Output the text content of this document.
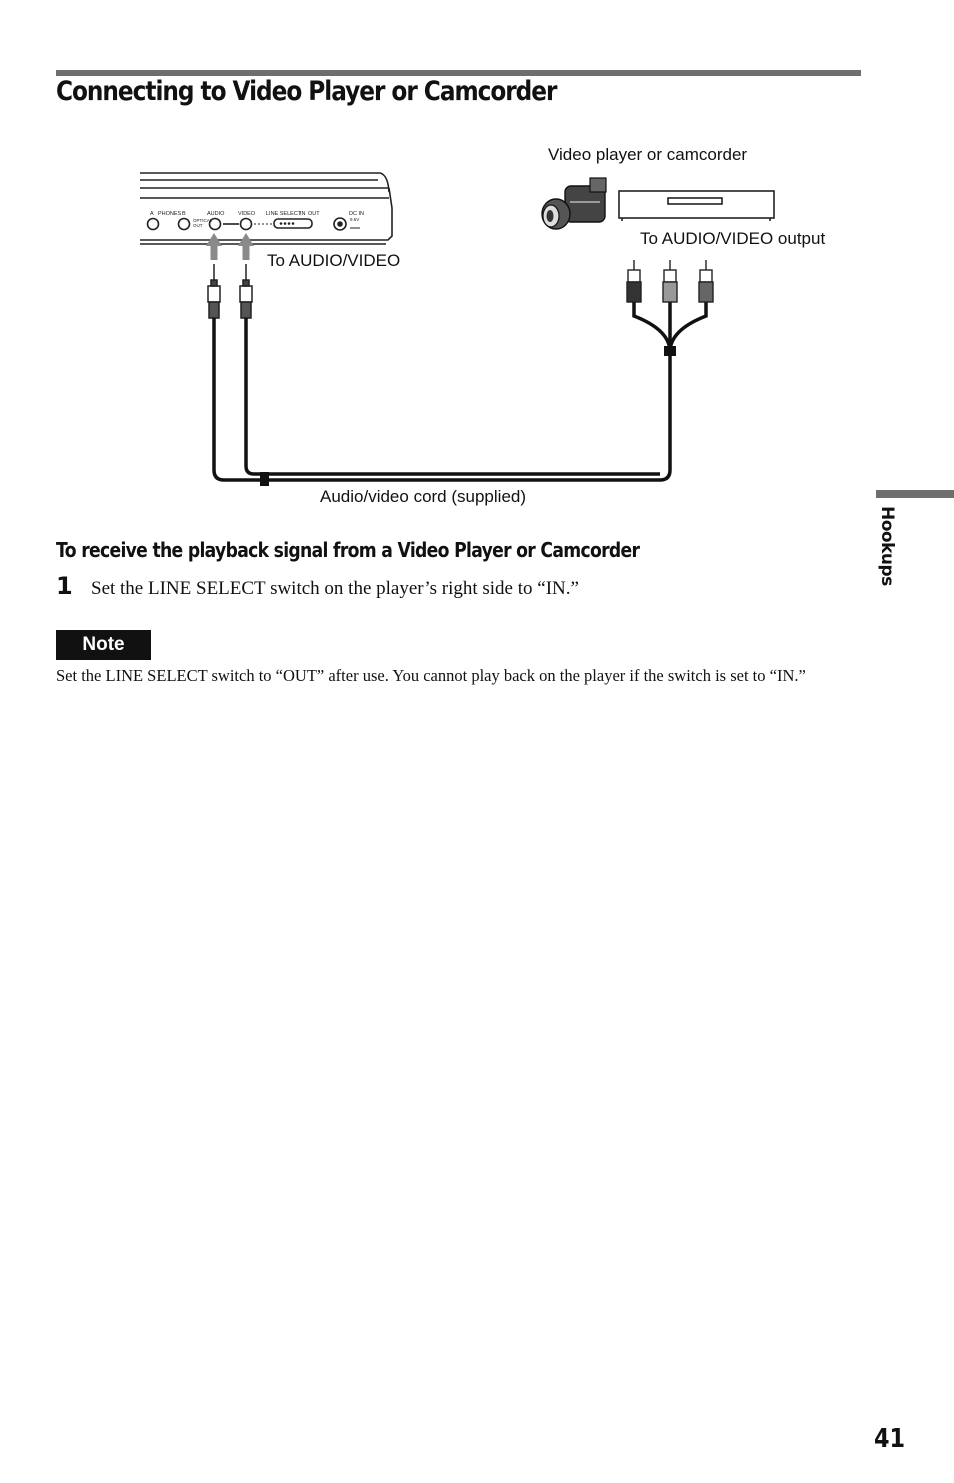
Connecting to Video Player or Camcorder
A PHONES B	AUDIO
OPTICAL
OUT
VIDEO LINE SELECT
IN OUT	DC IN
9.5V
Video player or camcorder
To AUDIO/VIDEO output
To AUDIO/VIDEO
Audio/video cord (supplied)
To receive the playback signal from a Video Player or Camcorder
1 Set the LINE SELECT switch on the player’s right side to “IN.”
Note
Set the LINE SELECT switch to “OUT” after use. You cannot play back on the player if the switch is set to “IN.”
Hookups
41
